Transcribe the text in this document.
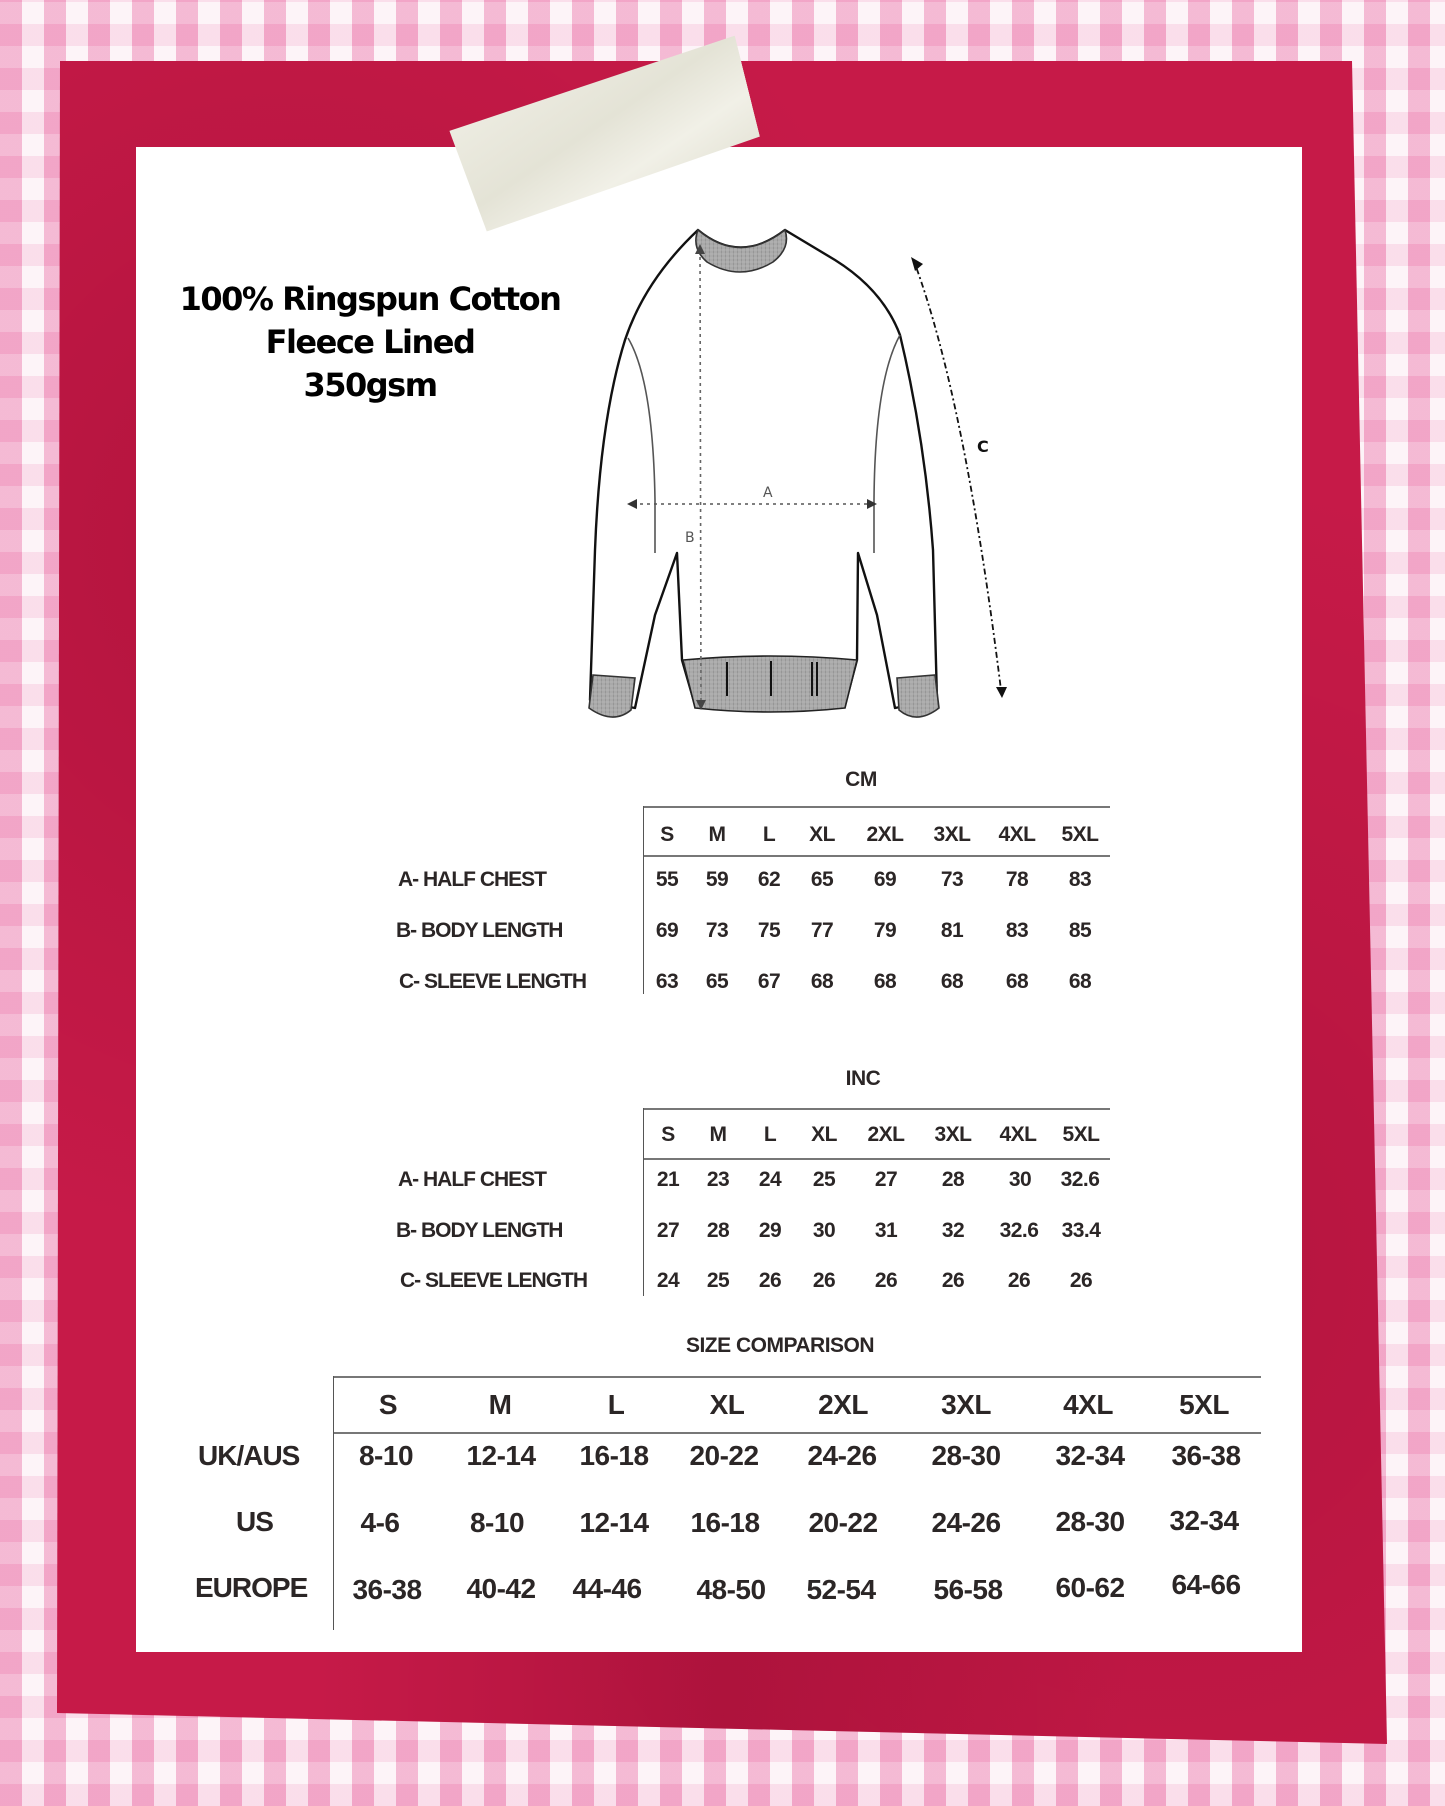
100% Ringspun Cotton
Fleece Lined
350gsm
B
A
C
CM
S M L XL 2XL 3XL 4XL 5XL
A- HALF CHEST	55 59 62 65 69 73 78 83
B- BODY LENGTH	69 73 75 77 79 81 83 85
C- SLEEVE LENGTH	63 65 67 68 68 68 68 68
INC
S M L XL 2XL 3XL 4XL 5XL
A- HALF CHEST	21 23 24 25 27 28 30 32.6
B- BODY LENGTH	27 28 29 30 31 32 32.6 33.4
C- SLEEVE LENGTH	24 25 26 26 26 26 26 26
SIZE COMPARISON
S	M	L	XL	2XL	3XL	4XL 5XL
UK/AUS	8-10 12-14 16-18 20-22 24-26 28-30 32-34 36-38
US	4-6	8-10 12-14 16-18 20-22 24-26 28-30 32-34
EUROPE	36-38 40-42 44-46 48-50 52-54 56-58 60-62 64-66
